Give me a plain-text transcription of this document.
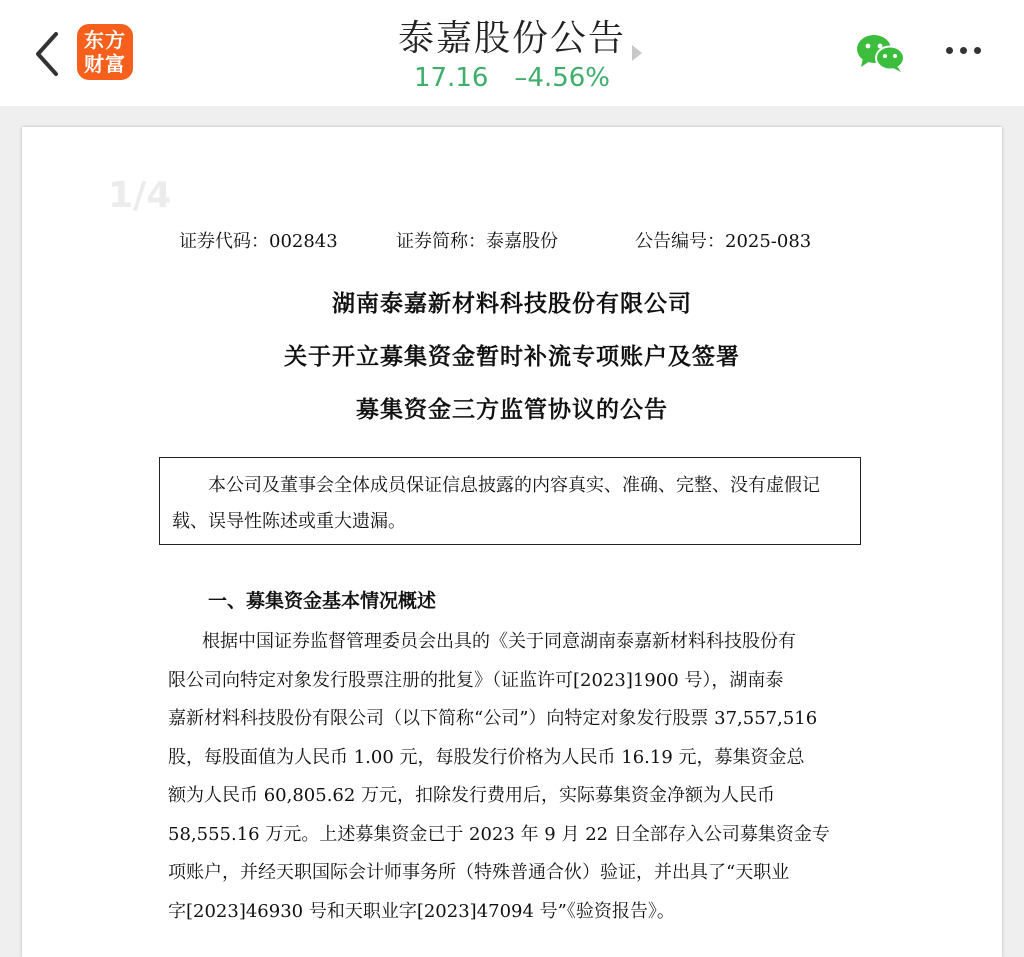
东方
财富
泰嘉股份公告
17.16 –4.56%
1/4
证券代码：002843	证券简称：泰嘉股份	公告编号：2025-083
湖南泰嘉新材料科技股份有限公司
关于开立募集资金暂时补流专项账户及签署
募集资金三方监管协议的公告

本公司及董事会全体成员保证信息披露的内容真实、准确、完整、没有虚假记载、误导性陈述或重大遗漏。

一、募集资金基本情况概述
根据中国证券监督管理委员会出具的《关于同意湖南泰嘉新材料科技股份有
限公司向特定对象发行股票注册的批复》（证监许可[2023]1900 号），湖南泰
嘉新材料科技股份有限公司（以下简称“公司”）向特定对象发行股票 37,557,516
股，每股面值为人民币 1.00 元，每股发行价格为人民币 16.19 元，募集资金总
额为人民币 60,805.62 万元，扣除发行费用后，实际募集资金净额为人民币
58,555.16 万元。上述募集资金已于 2023 年 9 月 22 日全部存入公司募集资金专
项账户，并经天职国际会计师事务所（特殊普通合伙）验证，并出具了“天职业
字[2023]46930 号和天职业字[2023]47094 号”《验资报告》。
